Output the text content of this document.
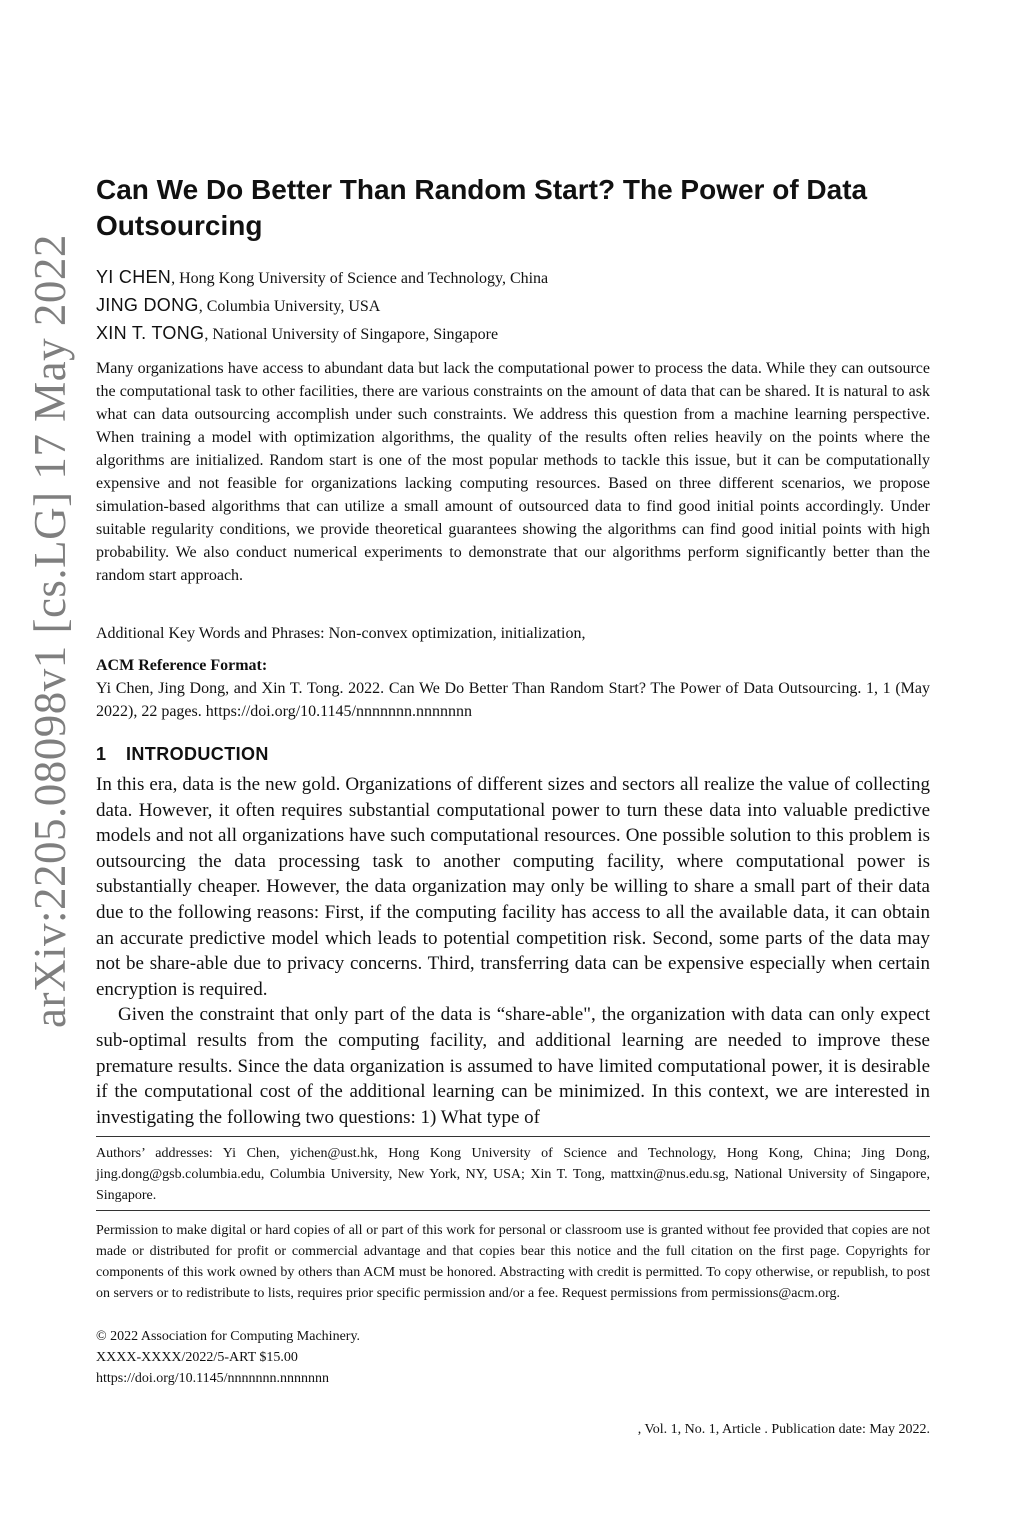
arXiv:2205.08098v1 [cs.LG] 17 May 2022
Can We Do Better Than Random Start? The Power of Data Outsourcing
YI CHEN, Hong Kong University of Science and Technology, China
JING DONG, Columbia University, USA
XIN T. TONG, National University of Singapore, Singapore

Many organizations have access to abundant data but lack the computational power to process the data. While they can outsource the computational task to other facilities, there are various constraints on the amount of data that can be shared. It is natural to ask what can data outsourcing accomplish under such constraints. We address this question from a machine learning perspective. When training a model with optimization algorithms, the quality of the results often relies heavily on the points where the algorithms are initialized. Random start is one of the most popular methods to tackle this issue, but it can be computationally expensive and not feasible for organizations lacking computing resources. Based on three different scenarios, we propose simulation-based algorithms that can utilize a small amount of outsourced data to find good initial points accordingly. Under suitable regularity conditions, we provide theoretical guarantees showing the algorithms can find good initial points with high probability. We also conduct numerical experiments to demonstrate that our algorithms perform significantly better than the random start approach.

Additional Key Words and Phrases: Non-convex optimization, initialization,

ACM Reference Format:

Yi Chen, Jing Dong, and Xin T. Tong. 2022. Can We Do Better Than Random Start? The Power of Data Outsourcing. 1, 1 (May 2022), 22 pages. https://doi.org/10.1145/nnnnnnn.nnnnnnn

1 INTRODUCTION

In this era, data is the new gold. Organizations of different sizes and sectors all realize the value of collecting data. However, it often requires substantial computational power to turn these data into valuable predictive models and not all organizations have such computational resources. One possible solution to this problem is outsourcing the data processing task to another computing facility, where computational power is substantially cheaper. However, the data organization may only be willing to share a small part of their data due to the following reasons: First, if the computing facility has access to all the available data, it can obtain an accurate predictive model which leads to potential competition risk. Second, some parts of the data may not be share-able due to privacy concerns. Third, transferring data can be expensive especially when certain encryption is required.

Given the constraint that only part of the data is “share-able", the organization with data can only expect sub-optimal results from the computing facility, and additional learning are needed to improve these premature results. Since the data organization is assumed to have limited computational power, it is desirable if the computational cost of the additional learning can be minimized. In this context, we are interested in investigating the following two questions: 1) What type of

Authors’ addresses: Yi Chen, yichen@ust.hk, Hong Kong University of Science and Technology, Hong Kong, China; Jing Dong, jing.dong@gsb.columbia.edu, Columbia University, New York, NY, USA; Xin T. Tong, mattxin@nus.edu.sg, National University of Singapore, Singapore.

Permission to make digital or hard copies of all or part of this work for personal or classroom use is granted without fee provided that copies are not made or distributed for profit or commercial advantage and that copies bear this notice and the full citation on the first page. Copyrights for components of this work owned by others than ACM must be honored. Abstracting with credit is permitted. To copy otherwise, or republish, to post on servers or to redistribute to lists, requires prior specific permission and/or a fee. Request permissions from permissions@acm.org.

© 2022 Association for Computing Machinery.
XXXX-XXXX/2022/5-ART $15.00
https://doi.org/10.1145/nnnnnnn.nnnnnnn
, Vol. 1, No. 1, Article . Publication date: May 2022.
